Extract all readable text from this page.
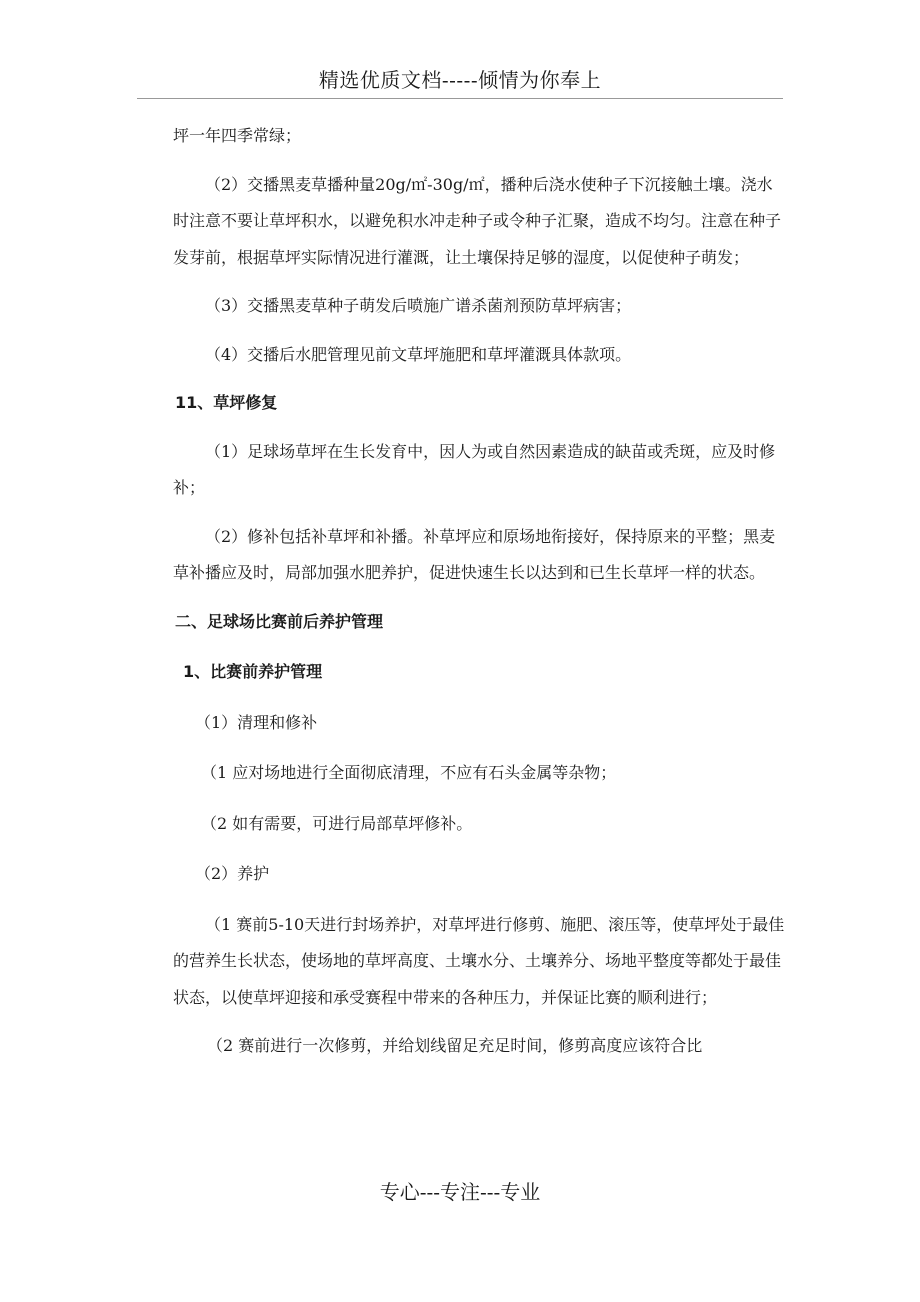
精选优质文档-----倾情为你奉上

坪一年四季常绿；

（2）交播黑麦草播种量20g/㎡-30g/㎡，播种后浇水使种子下沉接触土壤。浇水时注意不要让草坪积水，以避免积水冲走种子或令种子汇聚，造成不均匀。注意在种子发芽前，根据草坪实际情况进行灌溉，让土壤保持足够的湿度，以促使种子萌发；

（3）交播黑麦草种子萌发后喷施广谱杀菌剂预防草坪病害；

（4）交播后水肥管理见前文草坪施肥和草坪灌溉具体款项。

11、草坪修复

（1）足球场草坪在生长发育中，因人为或自然因素造成的缺苗或秃斑，应及时修补；

（2）修补包括补草坪和补播。补草坪应和原场地衔接好，保持原来的平整；黑麦草补播应及时，局部加强水肥养护，促进快速生长以达到和已生长草坪一样的状态。

二、足球场比赛前后养护管理

1、比赛前养护管理

（1）清理和修补

（1 应对场地进行全面彻底清理，不应有石头金属等杂物；

（2 如有需要，可进行局部草坪修补。

（2）养护

（1 赛前5-10天进行封场养护，对草坪进行修剪、施肥、滚压等，使草坪处于最佳的营养生长状态，使场地的草坪高度、土壤水分、土壤养分、场地平整度等都处于最佳状态，以使草坪迎接和承受赛程中带来的各种压力，并保证比赛的顺利进行；

（2 赛前进行一次修剪，并给划线留足充足时间，修剪高度应该符合比

专心---专注---专业
